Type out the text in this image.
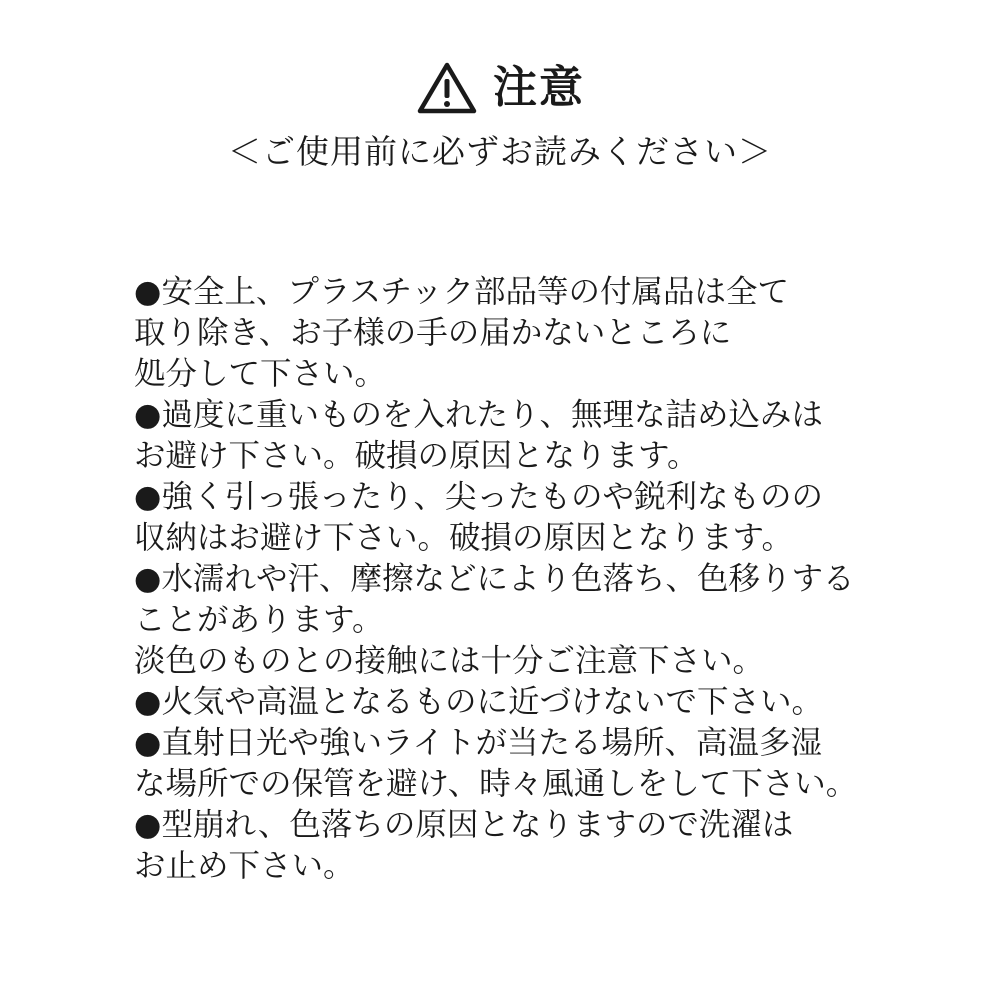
注意
＜ご使用前に必ずお読みください＞
●安全上、プラスチック部品等の付属品は全て
取り除き、お子様の手の届かないところに
処分して下さい。
●過度に重いものを入れたり、無理な詰め込みは
お避け下さい。破損の原因となります。
●強く引っ張ったり、尖ったものや鋭利なものの
収納はお避け下さい。破損の原因となります。
●水濡れや汗、摩擦などにより色落ち、色移りする
ことがあります。
淡色のものとの接触には十分ご注意下さい。
●火気や高温となるものに近づけないで下さい。
●直射日光や強いライトが当たる場所、高温多湿
な場所での保管を避け、時々風通しをして下さい。
●型崩れ、色落ちの原因となりますので洗濯は
お止め下さい。
